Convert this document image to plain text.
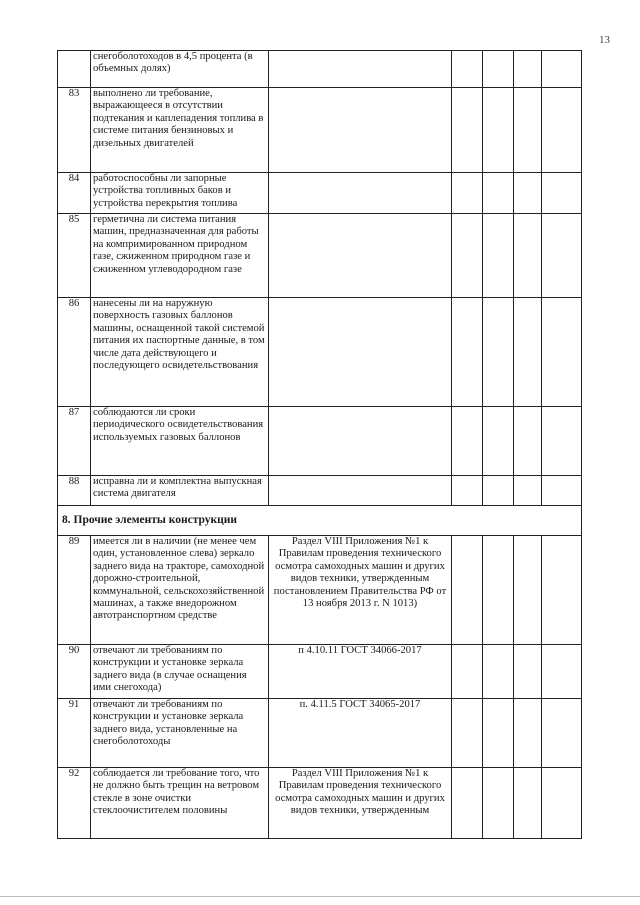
13
	снегоболотоходов в 4,5 процента (в объемных долях)					
83	выполнено ли требование, выражающееся в отсутствии подтекания и каплепадения топлива в системе питания бензиновых и дизельных двигателей					
84	работоспособны ли запорные устройства топливных баков и устройства перекрытия топлива					
85	герметична ли система питания машин, предназначенная для работы на компримированном природном газе, сжиженном природном газе и сжиженном углеводородном газе					
86	нанесены ли на наружную поверхность газовых баллонов машины, оснащенной такой системой питания их паспортные данные, в том числе дата действующего и последующего освидетельствования					
87	соблюдаются ли сроки периодического освидетельствования используемых газовых баллонов					
88	исправна ли и комплектна выпускная система двигателя					
8. Прочие элементы конструкции						
89	имеется ли в наличии (не менее чем один, установленное слева) зеркало заднего вида на тракторе, самоходной дорожно-строительной, коммунальной, сельскохозяйственной машинах, а также внедорожном автотранспортном средстве	Раздел VIII Приложения №1 к Правилам проведения технического осмотра самоходных машин и других видов техники, утвержденным постановлением Правительства РФ от 13 ноября 2013 г. N 1013)				
90	отвечают ли требованиям по конструкции и установке зеркала заднего вида (в случае оснащения ими снегохода)	п 4.10.11 ГОСТ 34066-2017				
91	отвечают ли требованиям по конструкции и установке зеркала заднего вида, установленные на снегоболотоходы	п. 4.11.5 ГОСТ 34065-2017				
92	соблюдается ли требование того, что не должно быть трещин на ветровом стекле в зоне очистки стеклоочистителем половины	Раздел VIII Приложения №1 к Правилам проведения технического осмотра самоходных машин и других видов техники, утвержденным				
